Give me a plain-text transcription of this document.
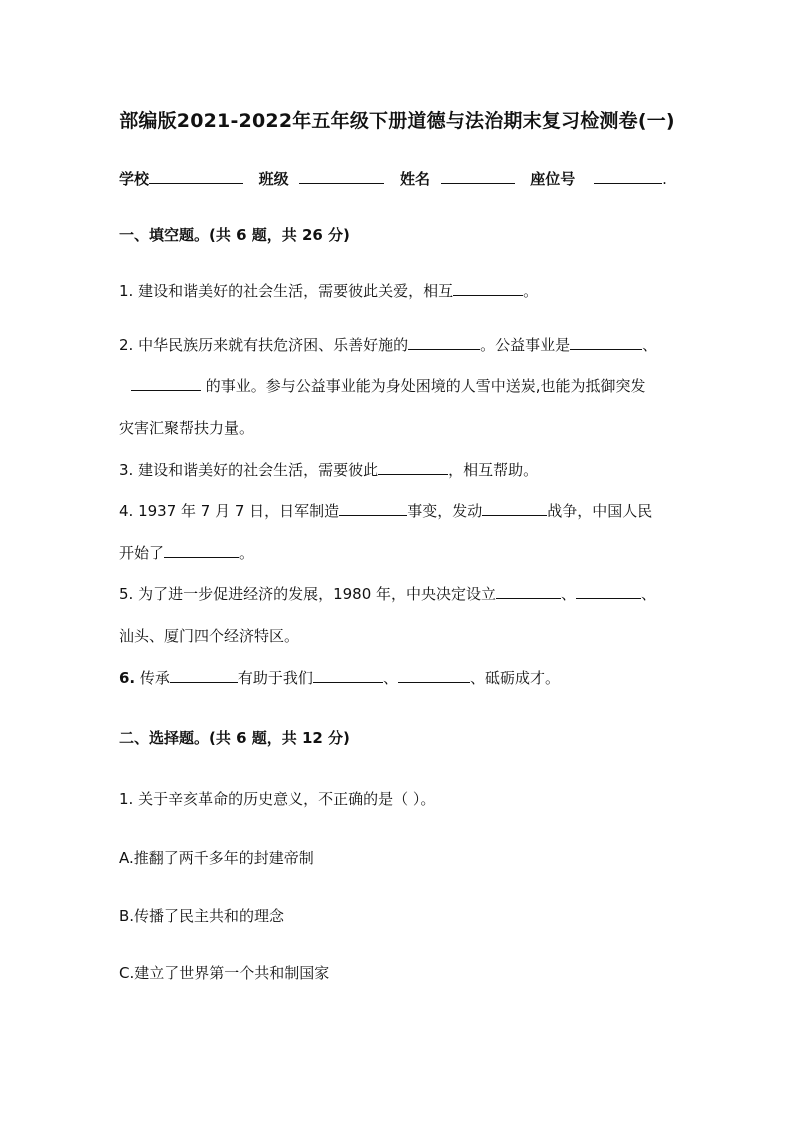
部编版2021-2022年五年级下册道德与法治期末复习检测卷(一)
学校	班级	姓名	座位号	.
一、填空题。(共 6 题，共 26 分)
1. 建设和谐美好的社会生活，需要彼此关爱，相互	。
2. 中华民族历来就有扶危济困、乐善好施的	。公益事业是	、
的事业。参与公益事业能为身处困境的人雪中送炭,也能为抵御突发
灾害汇聚帮扶力量。
3. 建设和谐美好的社会生活，需要彼此	，相互帮助。
4. 1937 年 7 月 7 日，日军制造	事变，发动	战争，中国人民
开始了	。
5. 为了进一步促进经济的发展，1980 年，中央决定设立	、	、
汕头、厦门四个经济特区。
6. 传承	有助于我们	、	、砥砺成才。
二、选择题。(共 6 题，共 12 分)
1. 关于辛亥革命的历史意义，不正确的是（ ）。
A.推翻了两千多年的封建帝制
B.传播了民主共和的理念
C.建立了世界第一个共和制国家
